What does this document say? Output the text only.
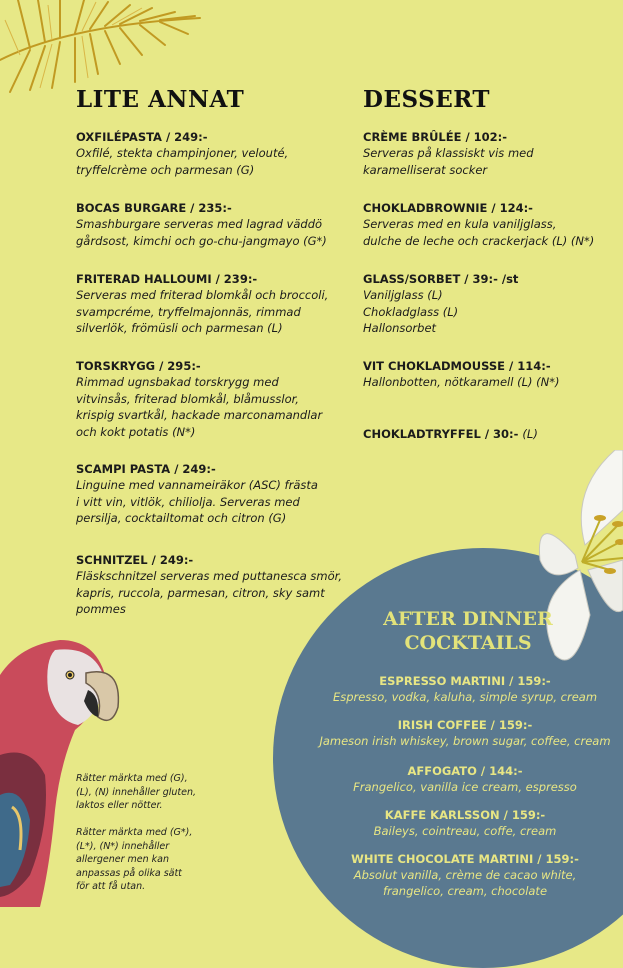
LITE ANNAT
OXFILÉPASTA / 249:-
Oxfilé, stekta champinjoner, velouté,
tryffelcrème och parmesan (G)
BOCAS BURGARE / 235:-
Smashburgare serveras med lagrad väddö
gårdsost, kimchi och go-chu-jangmayo (G*)
FRITERAD HALLOUMI / 239:-
Serveras med friterad blomkål och broccoli,
svampcréme, tryffelmajonnäs, rimmad
silverlök, frömüsli och parmesan (L)
TORSKRYGG / 295:-
Rimmad ugnsbakad torskrygg med
vitvinsås, friterad blomkål, blåmusslor,
krispig svartkål, hackade marconamandlar
och kokt potatis (N*)
SCAMPI PASTA / 249:-
Linguine med vannameiräkor (ASC) frästa
i vitt vin, vitlök, chiliolja. Serveras med
persilja, cocktailtomat och citron (G)
SCHNITZEL / 249:-
Fläskschnitzel serveras med puttanesca smör,
kapris, ruccola, parmesan, citron, sky samt
pommes
DESSERT
CRÈME BRÛLÉE / 102:-
Serveras på klassiskt vis med
karamelliserat socker
CHOKLADBROWNIE / 124:-
Serveras med en kula vaniljglass,
dulche de leche och crackerjack (L) (N*)
GLASS/SORBET / 39:- /st
Vaniljglass (L)
Chokladglass (L)
Hallonsorbet
VIT CHOKLADMOUSSE / 114:-
Hallonbotten, nötkaramell (L) (N*)
CHOKLADTRYFFEL / 30:- (L)
AFTER DINNER
COCKTAILS
ESPRESSO MARTINI / 159:-
Espresso, vodka, kaluha, simple syrup, cream
IRISH COFFEE / 159:-
Jameson irish whiskey, brown sugar, coffee, cream
AFFOGATO / 144:-
Frangelico, vanilla ice cream, espresso
KAFFE KARLSSON / 159:-
Baileys, cointreau, coffe, cream
WHITE CHOCOLATE MARTINI / 159:-
Absolut vanilla, crème de cacao white,
frangelico, cream, chocolate
Rätter märkta med (G),
(L), (N) innehåller gluten,
laktos eller nötter.
Rätter märkta med (G*),
(L*), (N*) innehåller
allergener men kan
anpassas på olika sätt
för att få utan.
